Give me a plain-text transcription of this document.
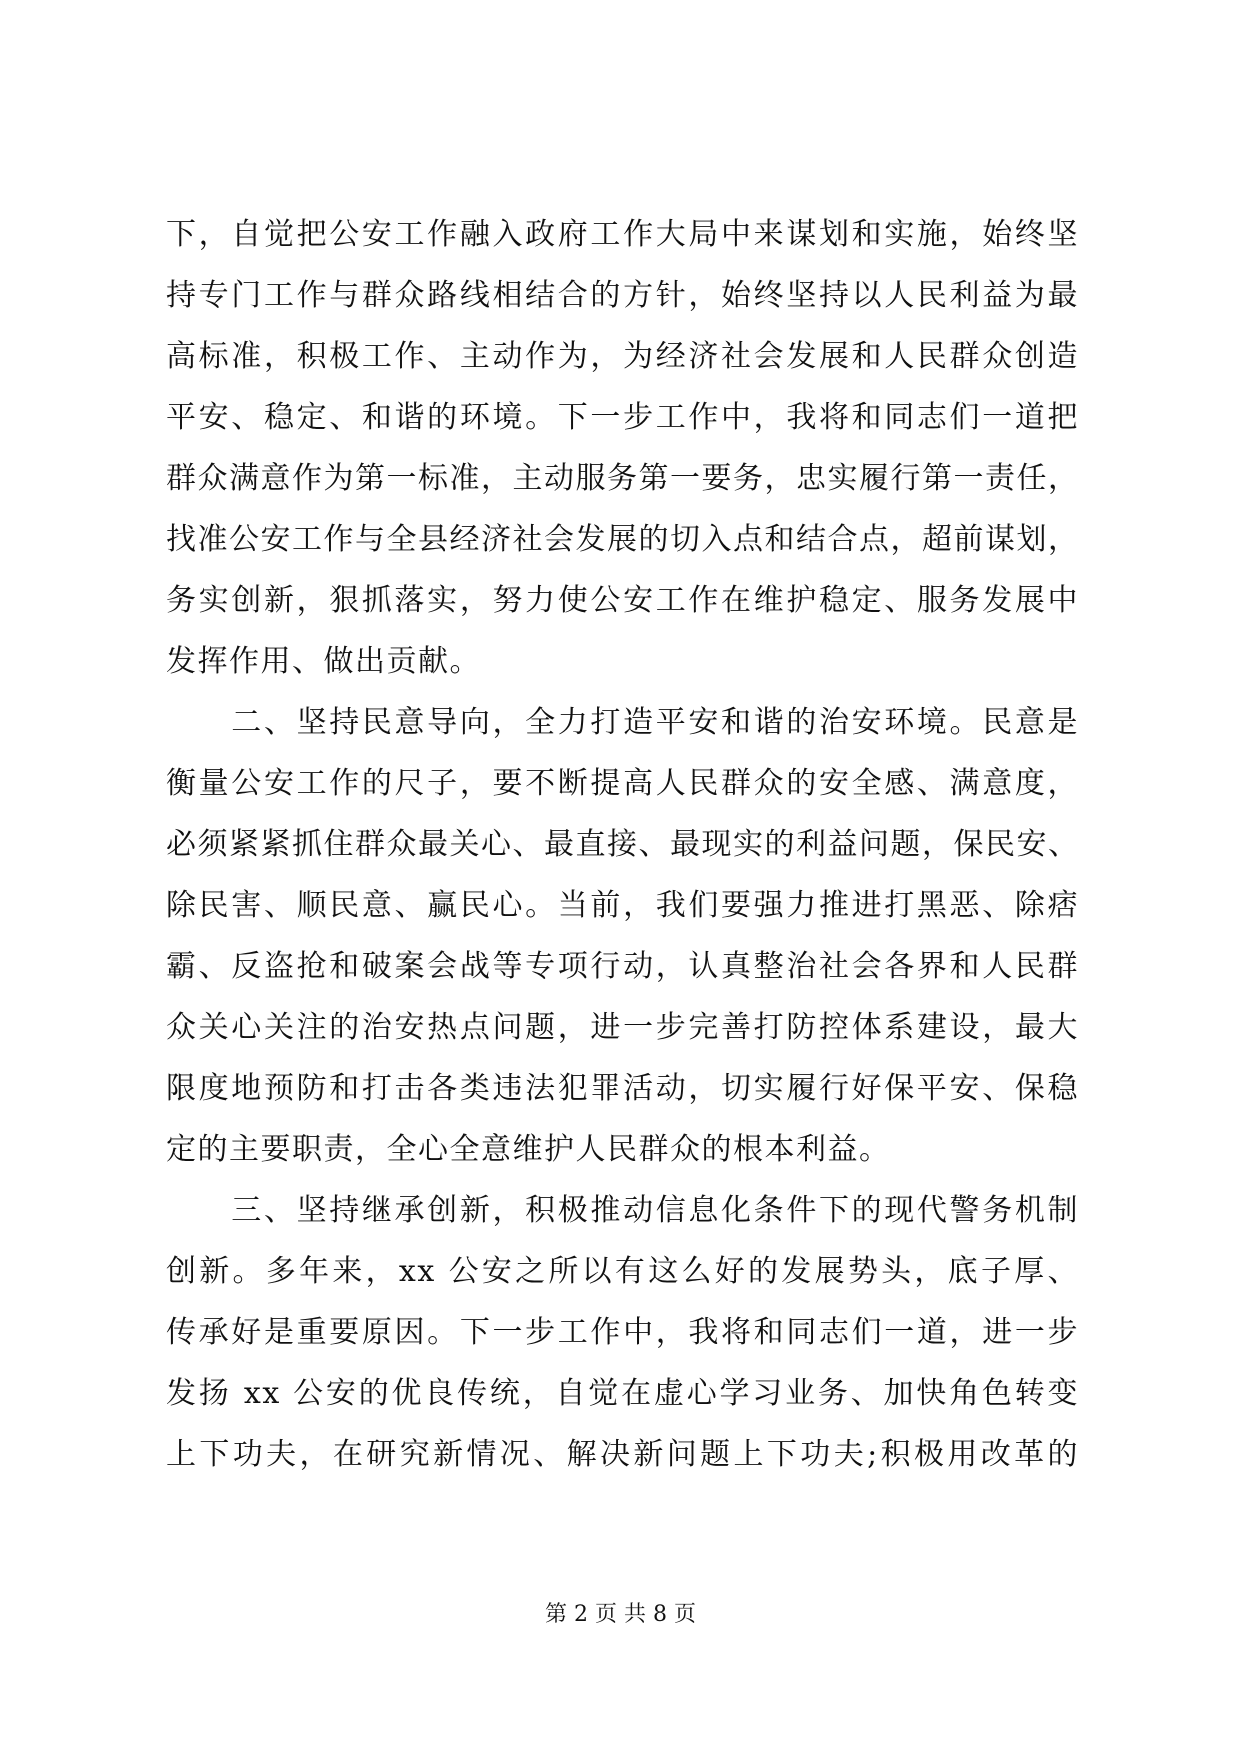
下，自觉把公安工作融入政府工作大局中来谋划和实施，始终坚
持专门工作与群众路线相结合的方针，始终坚持以人民利益为最
高标准，积极工作、主动作为，为经济社会发展和人民群众创造
平安、稳定、和谐的环境。下一步工作中，我将和同志们一道把
群众满意作为第一标准，主动服务第一要务，忠实履行第一责任，
找准公安工作与全县经济社会发展的切入点和结合点，超前谋划，
务实创新，狠抓落实，努力使公安工作在维护稳定、服务发展中
发挥作用、做出贡献。
　　二、坚持民意导向，全力打造平安和谐的治安环境。民意是
衡量公安工作的尺子，要不断提高人民群众的安全感、满意度，
必须紧紧抓住群众最关心、最直接、最现实的利益问题，保民安、
除民害、顺民意、赢民心。当前，我们要强力推进打黑恶、除痞
霸、反盗抢和破案会战等专项行动，认真整治社会各界和人民群
众关心关注的治安热点问题，进一步完善打防控体系建设，最大
限度地预防和打击各类违法犯罪活动，切实履行好保平安、保稳
定的主要职责，全心全意维护人民群众的根本利益。
　　三、坚持继承创新，积极推动信息化条件下的现代警务机制
创新。多年来，xx 公安之所以有这么好的发展势头，底子厚、
传承好是重要原因。下一步工作中，我将和同志们一道，进一步
发扬 xx 公安的优良传统，自觉在虚心学习业务、加快角色转变
上下功夫，在研究新情况、解决新问题上下功夫;积极用改革的
第 2 页 共 8 页
